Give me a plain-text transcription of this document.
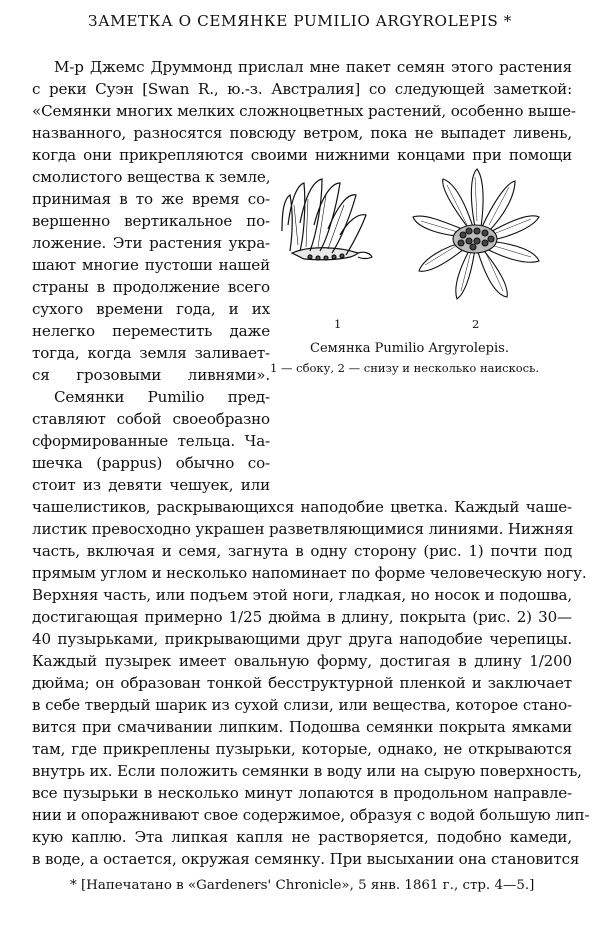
ЗАМЕТКА О СЕМЯНКЕ PUMILIO ARGYROLEPIS *
М-р Джемс Друммонд прислал мне пакет семян этого растения
с реки Суэн [Swan R., ю.-з. Австралия] со следующей заметкой:
«Семянки многих мелких сложноцветных растений, особенно выше-
названного, разносятся повсюду ветром, пока не выпадет ливень,
когда они прикрепляются своими нижними концами при помощи
смолистого вещества к земле,
принимая в то же время со-
вершенно вертикальное по-
ложение. Эти растения укра-
шают многие пустоши нашей
страны в продолжение всего
сухого времени года, и их
нелегко переместить даже
тогда, когда земля заливает-
ся грозовыми ливнями».
Семянки Pumilio пред-
ставляют собой своеобразно
сформированные тельца. Ча-
шечка (pappus) обычно со-
стоит из девяти чешуек, или
чашелистиков, раскрывающихся наподобие цветка. Каждый чаше-
листик превосходно украшен разветвляющимися линиями. Нижняя
часть, включая и семя, загнута в одну сторону (рис. 1) почти под
прямым углом и несколько напоминает по форме человеческую ногу.
Верхняя часть, или подъем этой ноги, гладкая, но носок и подошва,
достигающая примерно 1/25 дюйма в длину, покрыта (рис. 2) 30—
40 пузырьками, прикрывающими друг друга наподобие черепицы.
Каждый пузырек имеет овальную форму, достигая в длину 1/200
дюйма; он образован тонкой бесструктурной пленкой и заключает
в себе твердый шарик из сухой слизи, или вещества, которое стано-
вится при смачивании липким. Подошва семянки покрыта ямками
там, где прикреплены пузырьки, которые, однако, не открываются
внутрь их. Если положить семянки в воду или на сырую поверхность,
все пузырьки в несколько минут лопаются в продольном направле-
нии и опоражнивают свое содержимое, образуя с водой большую лип-
кую каплю. Эта липкая капля не растворяется, подобно камеди,
в воде, а остается, окружая семянку. При высыхании она становится
* [Напечатано в «Gardeners' Chronicle», 5 янв. 1861 г., стр. 4—5.]
1	2
Семянка Pumilio Argyrolepis.
1 — сбоку, 2 — снизу и несколько наискось.
